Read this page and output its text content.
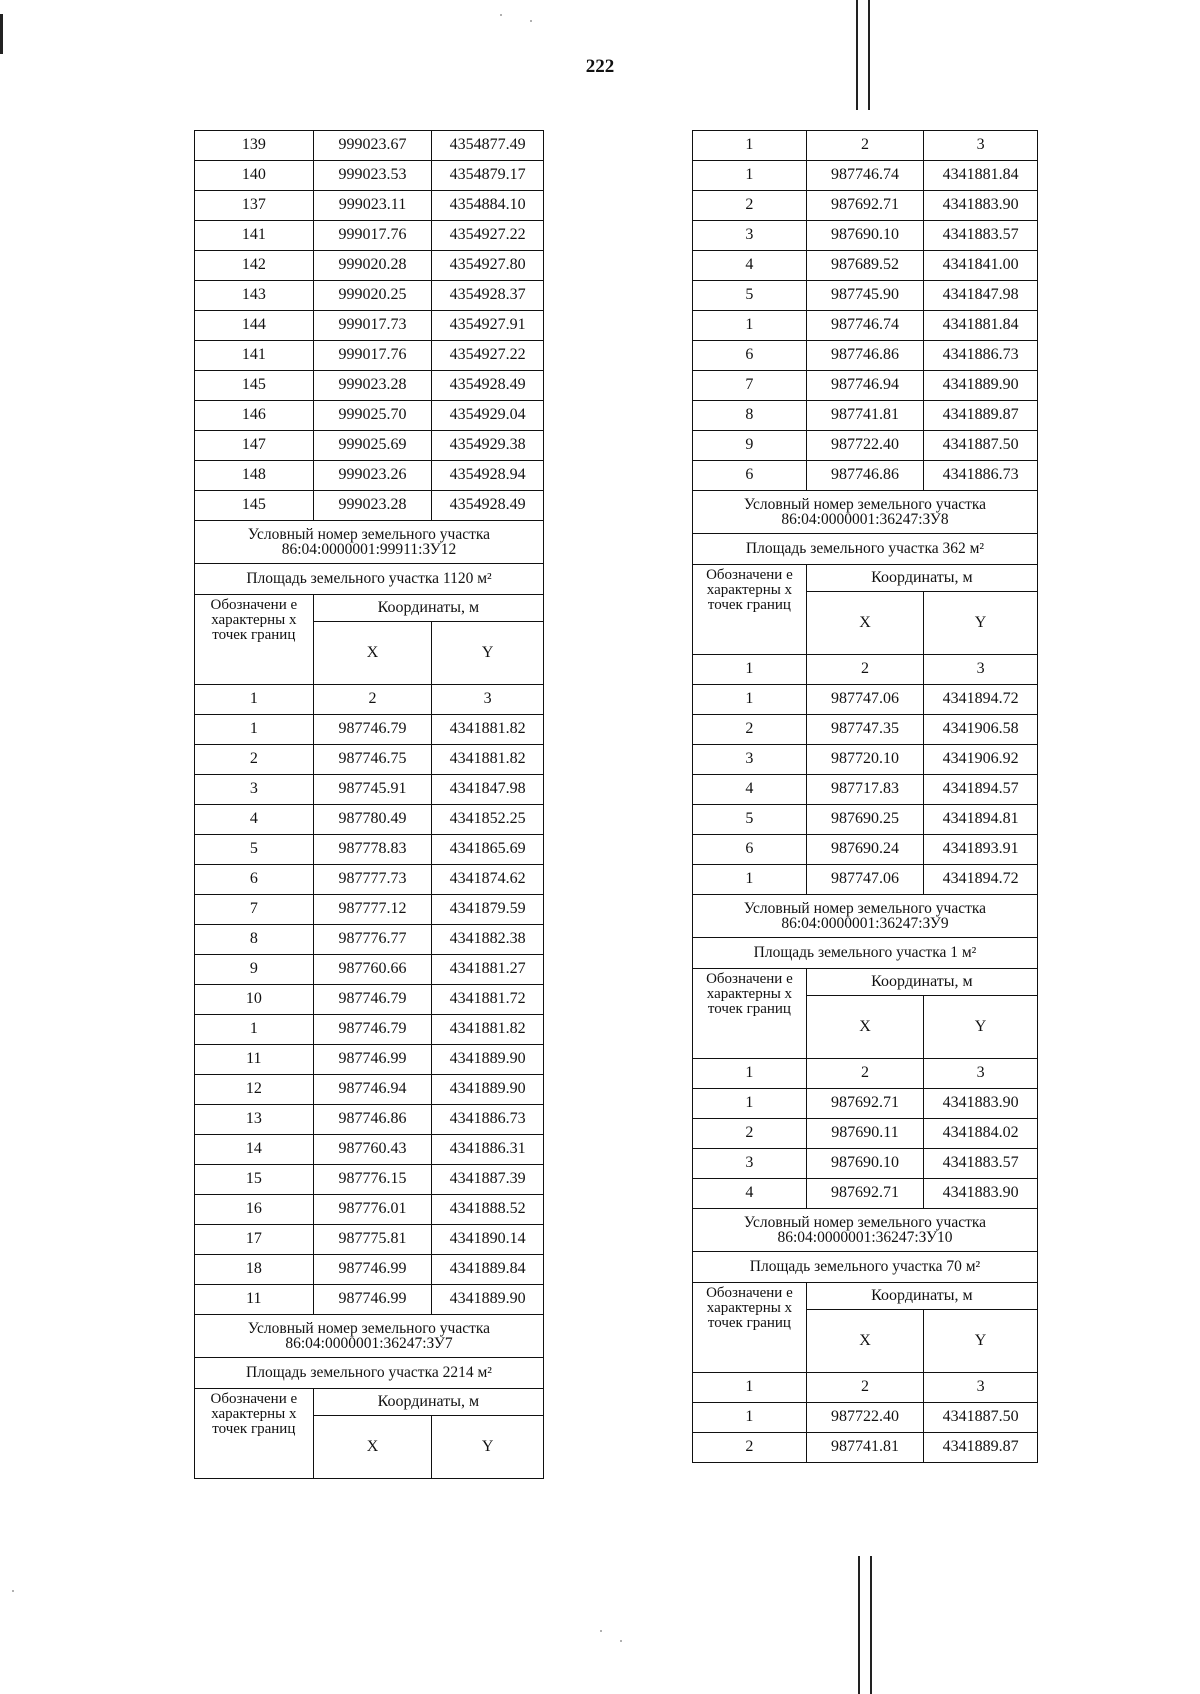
222
139	999023.67	4354877.49
140	999023.53	4354879.17
137	999023.11	4354884.10
141	999017.76	4354927.22
142	999020.28	4354927.80
143	999020.25	4354928.37
144	999017.73	4354927.91
141	999017.76	4354927.22
145	999023.28	4354928.49
146	999025.70	4354929.04
147	999025.69	4354929.38
148	999023.26	4354928.94
145	999023.28	4354928.49
Условный номер земельного участка 86:04:0000001:99911:ЗУ12		
Площадь земельного участка 1120 м²		
Обозначени е характерны х точек границ	Координаты, м	
	X	Y
1	2	3
1	987746.79	4341881.82
2	987746.75	4341881.82
3	987745.91	4341847.98
4	987780.49	4341852.25
5	987778.83	4341865.69
6	987777.73	4341874.62
7	987777.12	4341879.59
8	987776.77	4341882.38
9	987760.66	4341881.27
10	987746.79	4341881.72
1	987746.79	4341881.82
11	987746.99	4341889.90
12	987746.94	4341889.90
13	987746.86	4341886.73
14	987760.43	4341886.31
15	987776.15	4341887.39
16	987776.01	4341888.52
17	987775.81	4341890.14
18	987746.99	4341889.84
11	987746.99	4341889.90
Условный номер земельного участка 86:04:0000001:36247:ЗУ7		
Площадь земельного участка 2214 м²		
Обозначени е характерны х точек границ	Координаты, м	
	X	Y
1	2	3
1	987746.74	4341881.84
2	987692.71	4341883.90
3	987690.10	4341883.57
4	987689.52	4341841.00
5	987745.90	4341847.98
1	987746.74	4341881.84
6	987746.86	4341886.73
7	987746.94	4341889.90
8	987741.81	4341889.87
9	987722.40	4341887.50
6	987746.86	4341886.73
Условный номер земельного участка 86:04:0000001:36247:ЗУ8		
Площадь земельного участка 362 м²		
Обозначени е характерны х точек границ	Координаты, м	
	X	Y
1	2	3
1	987747.06	4341894.72
2	987747.35	4341906.58
3	987720.10	4341906.92
4	987717.83	4341894.57
5	987690.25	4341894.81
6	987690.24	4341893.91
1	987747.06	4341894.72
Условный номер земельного участка 86:04:0000001:36247:ЗУ9		
Площадь земельного участка 1 м²		
Обозначени е характерны х точек границ	Координаты, м	
	X	Y
1	2	3
1	987692.71	4341883.90
2	987690.11	4341884.02
3	987690.10	4341883.57
4	987692.71	4341883.90
Условный номер земельного участка 86:04:0000001:36247:ЗУ10		
Площадь земельного участка 70 м²		
Обозначени е характерны х точек границ	Координаты, м	
	X	Y
1	2	3
1	987722.40	4341887.50
2	987741.81	4341889.87
